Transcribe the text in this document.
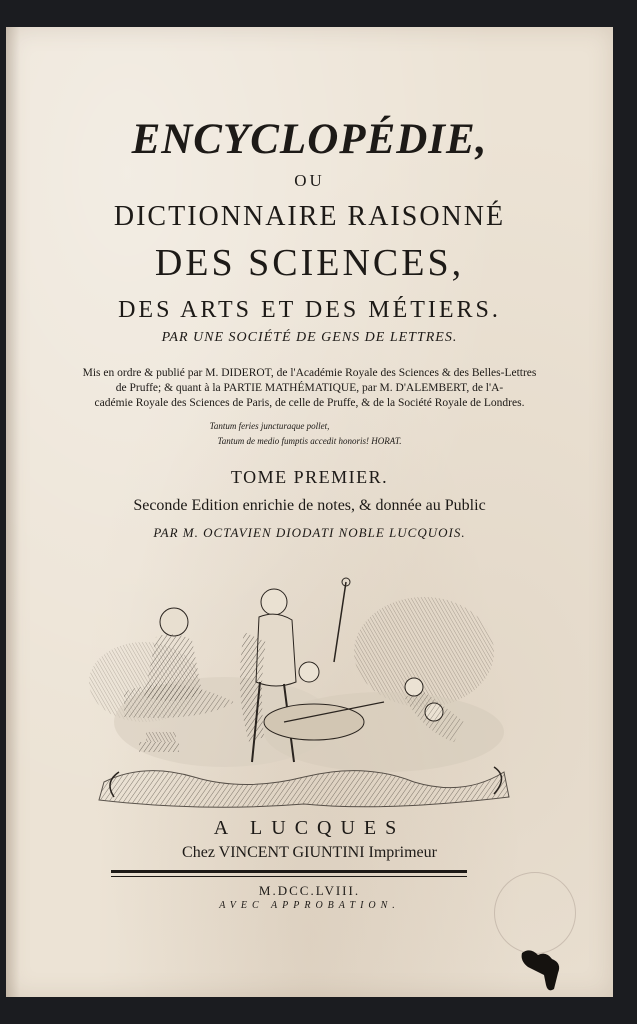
ENCYCLOPÉDIE,
OU
DICTIONNAIRE RAISONNÉ
DES SCIENCES,
DES ARTS ET DES MÉTIERS.
PAR UNE SOCIÉTÉ DE GENS DE LETTRES.
Mis en ordre & publié par M. DIDEROT, de l'Académie Royale des Sciences & des Belles-Lettres
de Pruffe; & quant à la PARTIE MATHÉMATIQUE, par M. D'ALEMBERT, de l'A-
cadémie Royale des Sciences de Paris, de celle de Pruffe, & de la Société Royale de Londres.
Tantum feries juncturaque pollet,
Tantum de medio fumptis accedit honoris! HORAT.
TOME PREMIER.
Seconde Edition enrichie de notes, & donnée au Public
PAR M. OCTAVIEN DIODATI NOBLE LUCQUOIS.
A LUCQUES
Chez VINCENT GIUNTINI Imprimeur
M.DCC.LVIII.
AVEC APPROBATION.
